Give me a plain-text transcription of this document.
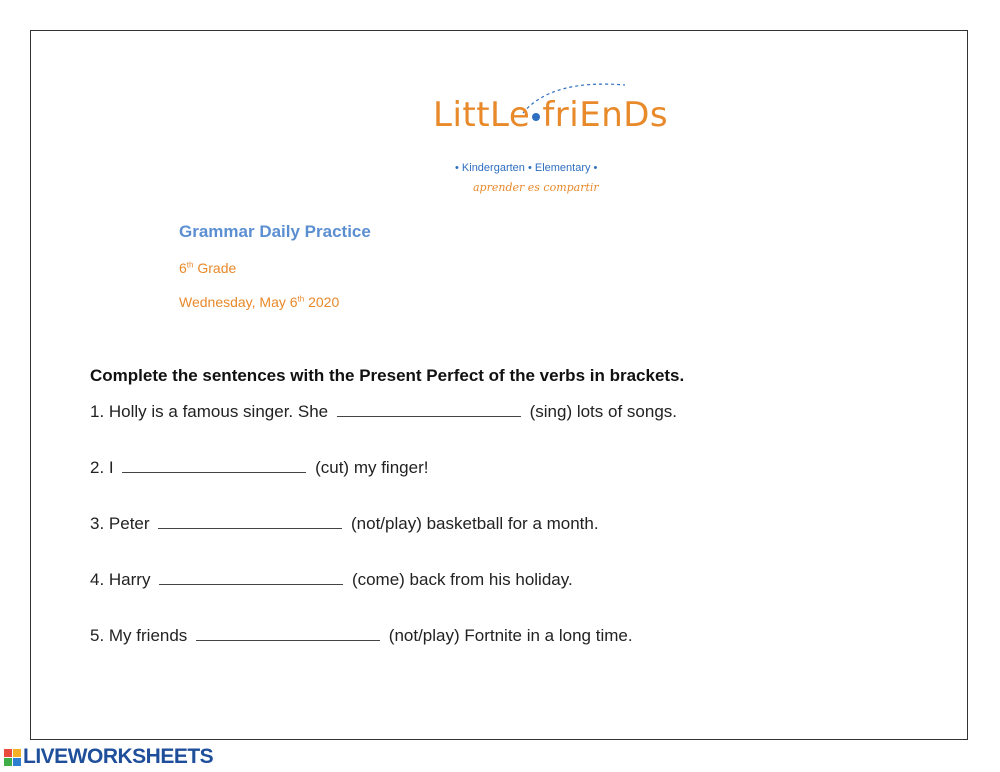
LittLe friEnDs
• Kindergarten • Elementary •
aprender es compartir
Grammar Daily Practice
6th Grade
Wednesday, May 6th 2020
Complete the sentences with the Present Perfect of the verbs in brackets.
1. Holly is a famous singer. She	(sing) lots of songs.
2. I	(cut) my finger!
3. Peter	(not/play) basketball for a month.
4. Harry	(come) back from his holiday.
5. My friends	(not/play) Fortnite in a long time.
LIVEWORKSHEETS
